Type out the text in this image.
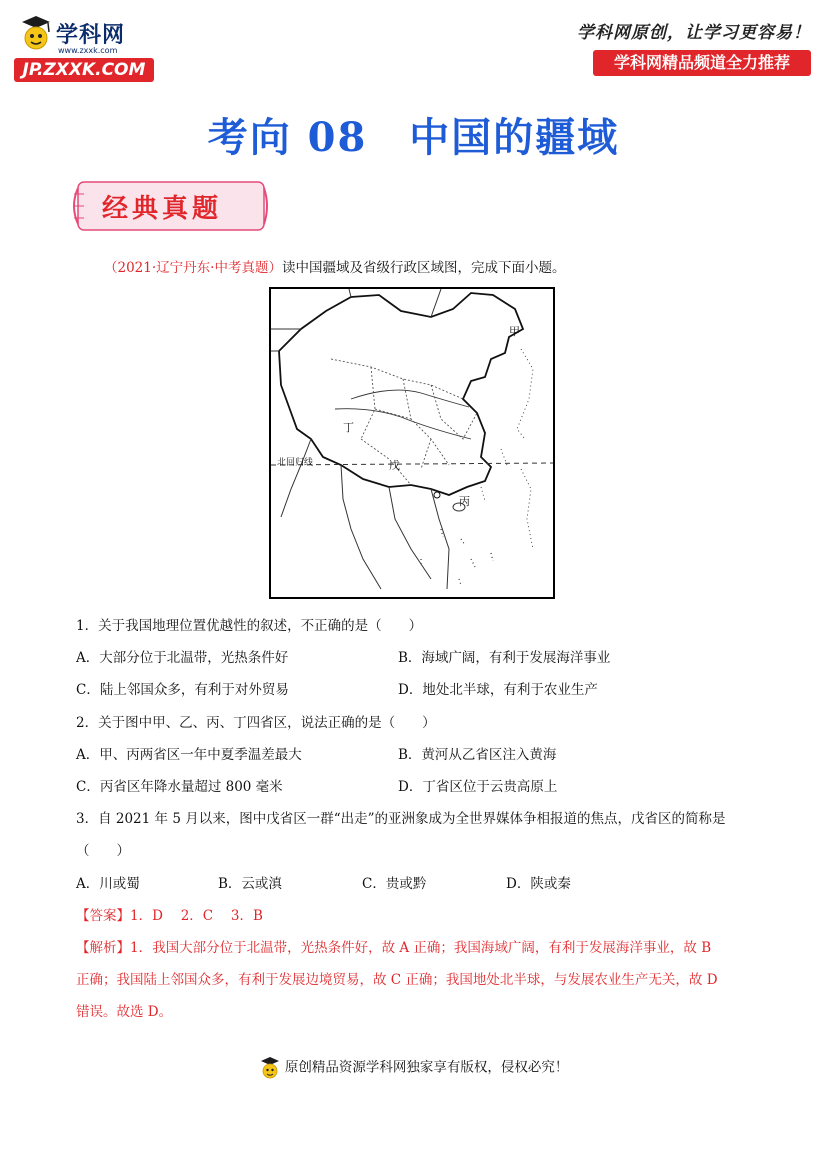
学科网
www.zxxk.com
JP.ZXXK.COM
学科网原创，让学习更容易！
学科网精品频道全力推荐
考向 08　中国的疆域
经典真题
（2021·辽宁丹东·中考真题）读中国疆域及省级行政区域图，完成下面小题。
甲
丁
戊
丙
北回归线
1．关于我国地理位置优越性的叙述，不正确的是（　　）
A．大部分位于北温带，光热条件好	B．海域广阔，有利于发展海洋事业
C．陆上邻国众多，有利于对外贸易	D．地处北半球，有利于农业生产
2．关于图中甲、乙、丙、丁四省区，说法正确的是（　　）
A．甲、丙两省区一年中夏季温差最大	B．黄河从乙省区注入黄海
C．丙省区年降水量超过 800 毫米	D．丁省区位于云贵高原上
3．自 2021 年 5 月以来，图中戊省区一群“出走”的亚洲象成为全世界媒体争相报道的焦点，戊省区的简称是
（　　）
A．川或蜀	B．云或滇	C．贵或黔	D．陕或秦
【答案】1．D　 2．C　 3．B
【解析】1．我国大部分位于北温带，光热条件好，故 A 正确；我国海域广阔，有利于发展海洋事业，故 B
正确；我国陆上邻国众多，有利于发展边境贸易，故 C 正确；我国地处北半球，与发展农业生产无关，故 D
错误。故选 D。
原创精品资源学科网独家享有版权，侵权必究！
